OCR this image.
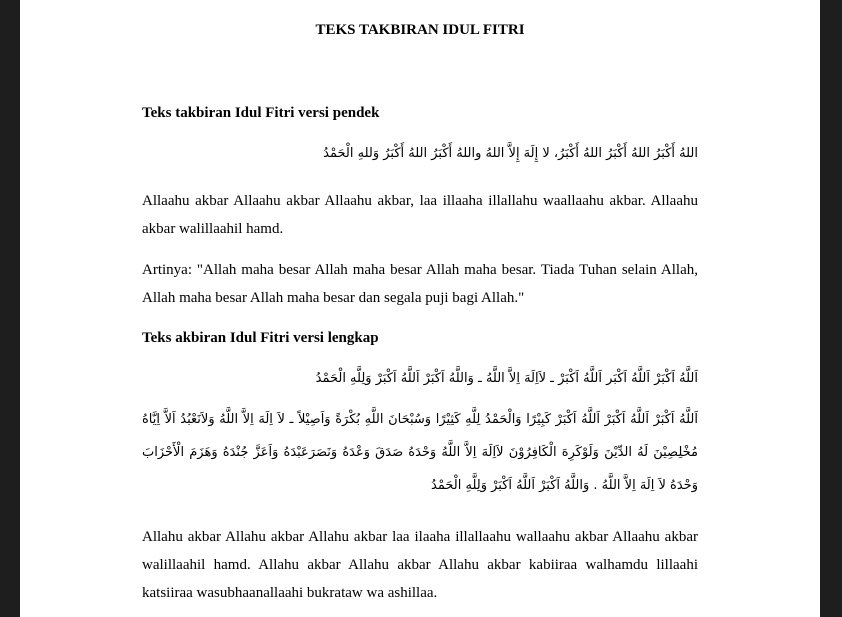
TEKS TAKBIRAN IDUL FITRI

Teks takbiran Idul Fitri versi pendek

اللهُ أَكْبَرُ اللهُ أَكْبَرُ اللهُ أَكْبَرُ، لا إِلَهَ إِلاَّ اللهُ واللهُ أَكْبَرُ اللهُ أَكْبَرُ وَللهِ الْحَمْدُ

Allaahu akbar Allaahu akbar Allaahu akbar, laa illaaha illallahu waallaahu akbar. Allaahu akbar walillaahil hamd.

Artinya: "Allah maha besar Allah maha besar Allah maha besar. Tiada Tuhan selain Allah, Allah maha besar Allah maha besar dan segala puji bagi Allah."

Teks akbiran Idul Fitri versi lengkap

اَللَّهُ اَكْبَرْ اَللَّهُ اَكْبَر اَللَّهُ اَكْبَرْ ـ لاَاِلَهَ اِلاَّ اللَّهُ ـ وَاللَّهُ اَكْبَرْ اَللَّهُ اَكْبَرْ وَلِلَّهِ الْحَمْدُ

اَللَّهُ اَكْبَرْ اَللَّهُ اَكْبَرْ اَللَّهُ اَكْبَرْ كَبِيْرًا وَالْحَمْدُ لِلَّهِ كَثِيْرًا وَسُبْحَانَ اللَّهِ بُكْرَةً وَاَصِيْلاً ـ لاَ اِلَهَ اِلاَّ اللَّهُ وَلاَنَعْبُدُ اَلاَّ اِيَّاهُ مُخْلِصِيْنَ لَهُ الدِّيْنَ وَلَوْكَرِهَ الْكَافِرُوْنَ لاَاِلَهَ اِلاَّ اللَّهُ وَحْدَهُ صَدَقَ وَعْدَهُ وَنَصَرَعَبْدَهُ وَاَعَزَّ جُنْدَهُ وَهَزَمَ الْأَحْزَابَ وَحْدَهُ لاَ اِلَهَ اِلاَّ اللَّهُ . وَاللَّهُ اَكْبَرْ اَللَّهُ اَكْبَرْ وَلِلَّهِ الْحَمْدُ

Allahu akbar Allahu akbar Allahu akbar laa ilaaha illallaahu wallaahu akbar Allaahu akbar walillaahil hamd. Allahu akbar Allahu akbar Allahu akbar kabiiraa walhamdu lillaahi katsiiraa wasubhaanallaahi bukrataw wa ashillaa.
